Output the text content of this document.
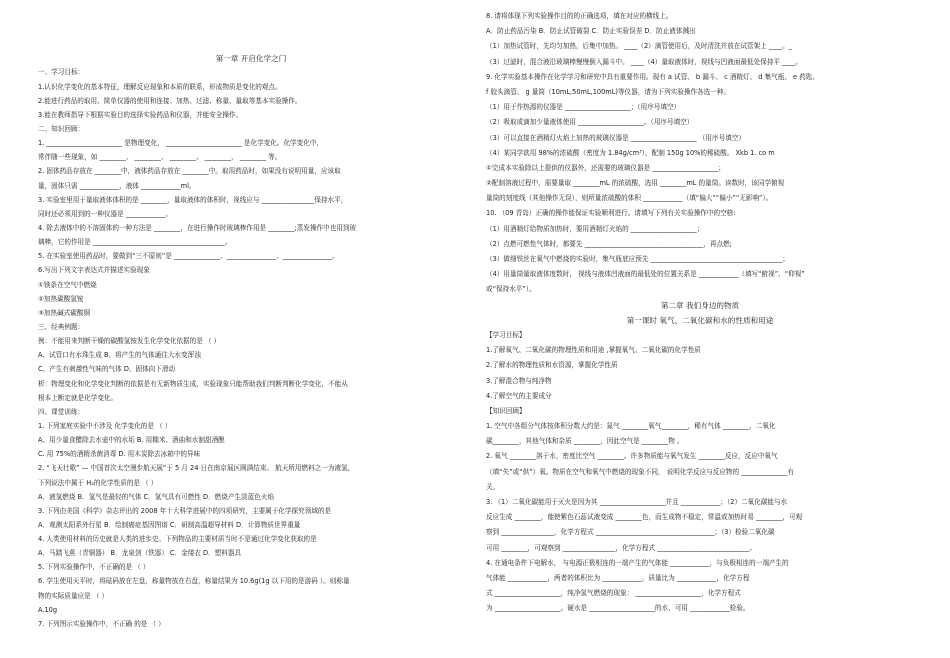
第一章 开启化学之门
一、学习目标：
1.认识化学变化的基本特征，理解反应现象和本质的联系，形成物质是变化的观点。
2.能进行药品的取用、简单仪器的使用和连接、加热、过滤、称量、量取等基本实验操作。
3.能在教师指导下根据实验目的选择实验药品和仪器，并能安全操作。
二、知识回顾：
1. _______________________ 是物理变化， _______________________ 是化学变化。化学变化中，
常伴随一些现象，如 ________、 ________、 ________、 ________、 ________ 等。
2. 固体药品存放在 ________中，液体药品存放在 ________中。取用药品时，如果没有说明用量，应该取
量，固体只需 ____________，液体 ____________ml。
3. 实验室里用于量取液体体积的是 ________，量取液体的体积时，视线应与 ________________保持水平，
同时还必须用到的一种仪器是 ____________。
4. 除去液体中的不溶固体的一种方法是 ________，在进行操作时玻璃棒作用是 ________;蒸发操作中也用到玻
璃棒，它的作用是 ________________________________________。
5. 在实验室使用药品时，要做到“三不原则”是 ______________、_______________、_______________。
6.写出下列文字表达式并描述实验现象
①镁条在空气中燃烧
②加热碳酸氢铵
③加热碱式碳酸铜
三、经典例题：
例：不能用来判断干燥的碳酸氢铵发生化学变化依据的是 （ ）
A、试管口有水珠生成 B、将产生的气体通往大水变浑浊
C、产生有刺激性气味的气体 D、固体向下滑动
析：物理变化和化学变化判断的依据是有无新物质生成，实验现象只能帮助我们判断判断化学变化，不能从
根本上断定就是化学变化。
四、课堂训练：
1. 下列家庭实验中不涉及 化学变化的是 （ ）
A、用少量食醋除去水壶中的水垢 B. 用糯米、酒曲和水制甜酒酿
C. 用 75%的酒精杀菌消毒 D. 用木炭除去冰箱中的异味
2. “飞天壮歌” — 中国首次太空漫步航天展“于 5 月 24 日在南京展区圆满结束。 航天所用燃料之一为液氢，
下列说法中属于 H₂的化学性质的是 （ ）
A．液氢燃烧 B．氢气是最轻的气体 C．氢气具有可燃性 D．燃烧产生淡蓝色火焰
3. 下列由美国《科学》杂志评出的 2008 年十大科学进展中的四项研究，主要属于化学探究领域的是
A．观测太阳系外行星 B．绘制癌症基因图谱 C．研制高温超导材料 D．计算物质世界重量
4. 人类使用材料的历史就是人类的进步史。下列物品的主要材质当时不是通过化学变化获取的是
A．马踏飞燕（青铜器） B．龙泉剑（铁器） C．金缕衣 D．塑料器具
5. 下列实验操作中，不正确的是 （ ）
6. 学生使用天平时，将砝码放在左盘，称量物放在右盘，称量结果为 10.6g(1g 以下用的是游码 ）。则称量
物的实际质量应是 （ ）
A.10g
7. 下列图示实验操作中，不正确 的是 （ ）
8. 请将体现下列实验操作目的的正确选项，填在对应的横线上。
A．防止药品污染 B．防止试管破裂 C．防止实验误差 D．防止液体溅出
（1）加热试管时，先均匀加热，后集中加热。 ____（2）滴管使用后，及时清洗并放在试管架上 ____。_
（3）过滤时，混合液沿玻璃棒慢慢倒入漏斗中。 ____（4）量取液体时，视线与凹液面最低处保持平 ____。
9. 化学实验基本操作在化学学习和研究中具有重要作用。现有 a 试管、 b 漏斗、 c 酒精灯、 d 集气瓶、 e 药匙、
f 胶头滴管、 g 量筒（10mL,50mL,100mL)等仪器，请为下列实验操作各选一种。
（1）用于作热源的仪器是 ____________________；（用序号填空）
（2）吸取或滴加少量液体使用 ____________________。（用序号填空）
（3）可以直接在酒精灯火焰上加热的玻璃仪器是 ____________________ （用序号填空）
（4）某同学欲用 98%的浓硫酸（密度为 1.84g/cm³），配制 150g 10%的稀硫酸。 Xkb 1. co m
①完成本实验除以上提供的仪器外，还需要的玻璃仪器是 ____________________；
②配制溶液过程中，需要量取 ________mL 的浓硫酸，选用 ________mL 的量筒。读数时，该同学俯视
量筒的刻度线（其他操作无误），则所量浓硫酸的体积 ____________（填“偏大”“偏小”“无影响”）。
10. （09 青岛）正确的操作能保证实验顺利进行。请填写下列有关实验操作中的空格:
（1）用酒精灯给物质加热时，要用酒精灯火焰的 ____________________；
（2）点燃可燃性气体时，都要先 ____________________________________，再点燃;
（3）做细铁丝在氧气中燃烧的实验时，集气瓶底应预先 ________________________________________；
（4）用量筒量取液体度数时， 视线与液体凹液面的最低处的位置关系是 ____________（填写“俯视”、“仰视”
或“保持水平”）。
第二章 我们身边的物质
第一课时 氧气、二氧化碳和水的性质和用途
【学习目标】
1.了解氧气、二氧化碳的物理性质和用途 ,掌握氧气、二氧化碳的化学性质
2.了解水的物理性质和水资源，掌握化学性质
3.了解混合物与纯净物
4.了解空气的主要成分
【知识回顾】
1. 空气中各组分气体按体积分数大约是：氮气 ________氧气________，稀有气体 ________，二氧化
碳________，其他气体和杂质 ________，因此空气是 ________物 。
2. 氧气 ________溶于水，密度比空气 ________。许多物质能与氧气发生 ________反应，反应中氧气
（填“失”或“供”）氧。物质在空气和氧气中燃烧的现象不同， 说明化学反应与反应物的 ______________有
关。
3. （1）二氧化碳能用于灭火是因为其 ____________________并且 ____________；（2）二氧化碳能与水
反应生成 ________，能使紫色石蕊试液变成 ________色，而生成物不稳定，常温或加热时易 ________，可观
察到 ________________，化学方程式 ____________________________________；（3）检验二氧化碳
可用 ________，可观察到 ________________，化学方程式 ____________________________。
4. 在通电条件下电解水， 与电源正极相连的一端产生的气体能 ____________，与负极相连的一端产生的
气体能 ____________，两者的体积比为 ____________，质量比为 ____________，化学方程
式 ____________________，纯净氢气燃烧的现象： ____________________，化学方程式
为 ____________________。硬水是 ____________________的水，可用 ____________检验。
